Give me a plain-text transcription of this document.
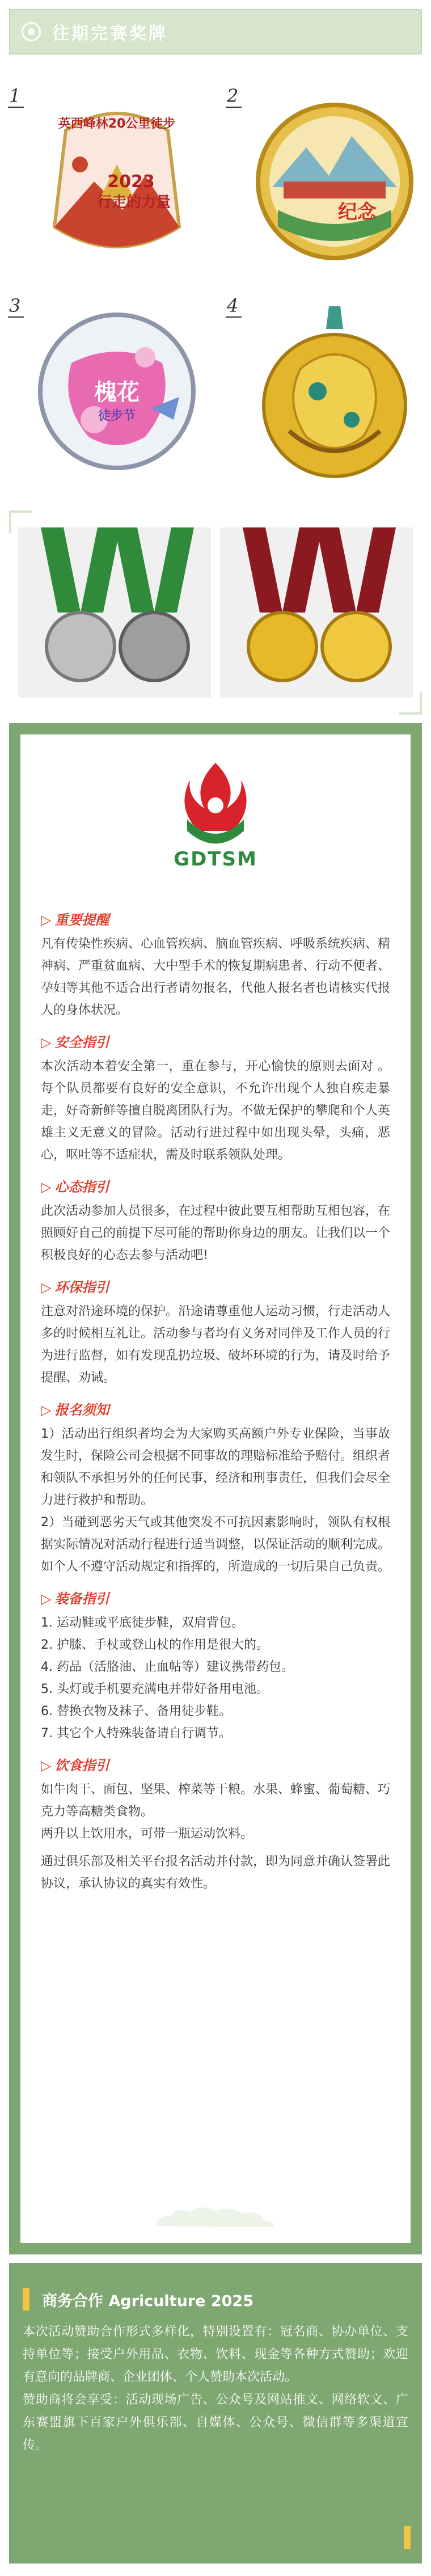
往期完赛奖牌
1
英西峰林20公里徒步
2023
行走的力量
2
纪念
3
槐花
徒步节
4
GDTSM
▷ 重要提醒

凡有传染性疾病、心血管疾病、脑血管疾病、呼吸系统疾病、精神病、严重贫血病、大中型手术的恢复期病患者、行动不便者、孕妇等其他不适合出行者请勿报名，代他人报名者也请核实代报人的身体状况。

▷ 安全指引

本次活动本着安全第一，重在参与，开心愉快的原则去面对 。每个队员都要有良好的安全意识，不允许出现个人独自疾走暴走，好奇新鲜等擅自脱离团队行为。不做无保护的攀爬和个人英雄主义无意义的冒险。活动行进过程中如出现头晕，头痛，恶心，呕吐等不适症状，需及时联系领队处理。

▷ 心态指引

此次活动参加人员很多，在过程中彼此要互相帮助互相包容，在照顾好自己的前提下尽可能的帮助你身边的朋友。让我们以一个积极良好的心态去参与活动吧!

▷ 环保指引

注意对沿途环境的保护。沿途请尊重他人运动习惯，行走活动人多的时候相互礼让。活动参与者均有义务对同伴及工作人员的行为进行监督，如有发现乱扔垃圾、破坏环境的行为，请及时给予提醒、劝诫。

▷ 报名须知

1）活动出行组织者均会为大家购买高额户外专业保险，当事故发生时，保险公司会根据不同事故的理赔标准给予赔付。组织者和领队不承担另外的任何民事，经济和刑事责任，但我们会尽全力进行救护和帮助。

2）当碰到恶劣天气或其他突发不可抗因素影响时，领队有权根据实际情况对活动行程进行适当调整，以保证活动的顺利完成。如个人不遵守活动规定和指挥的，所造成的一切后果自己负责。

▷ 装备指引

1. 运动鞋或平底徒步鞋，双肩背包。

2. 护膝、手杖或登山杖的作用是很大的。

4. 药品（活胳油、止血帖等）建议携带药包。

5. 头灯或手机要充满电并带好备用电池。

6. 替换衣物及袜子、备用徒步鞋。

7. 其它个人特殊装备请自行调节。

▷ 饮食指引

如牛肉干、面包、坚果、榨菜等干粮。水果、蜂蜜、葡萄糖、巧克力等高糖类食物。

两升以上饮用水，可带一瓶运动饮料。

通过俱乐部及相关平台报名活动并付款，即为同意并确认签署此协议，承认协议的真实有效性。

商务合作 Agriculture 2025

本次活动赞助合作形式多样化，特别设置有：冠名商、协办单位、支持单位等；接受户外用品、衣物、饮料、现金等各种方式赞助；欢迎有意向的品牌商、企业团体、个人赞助本次活动。

赞助商将会享受：活动现场广告、公众号及网站推文、网络软文、广东赛盟旗下百家户外俱乐部、自媒体、公众号、微信群等多渠道宣传。
